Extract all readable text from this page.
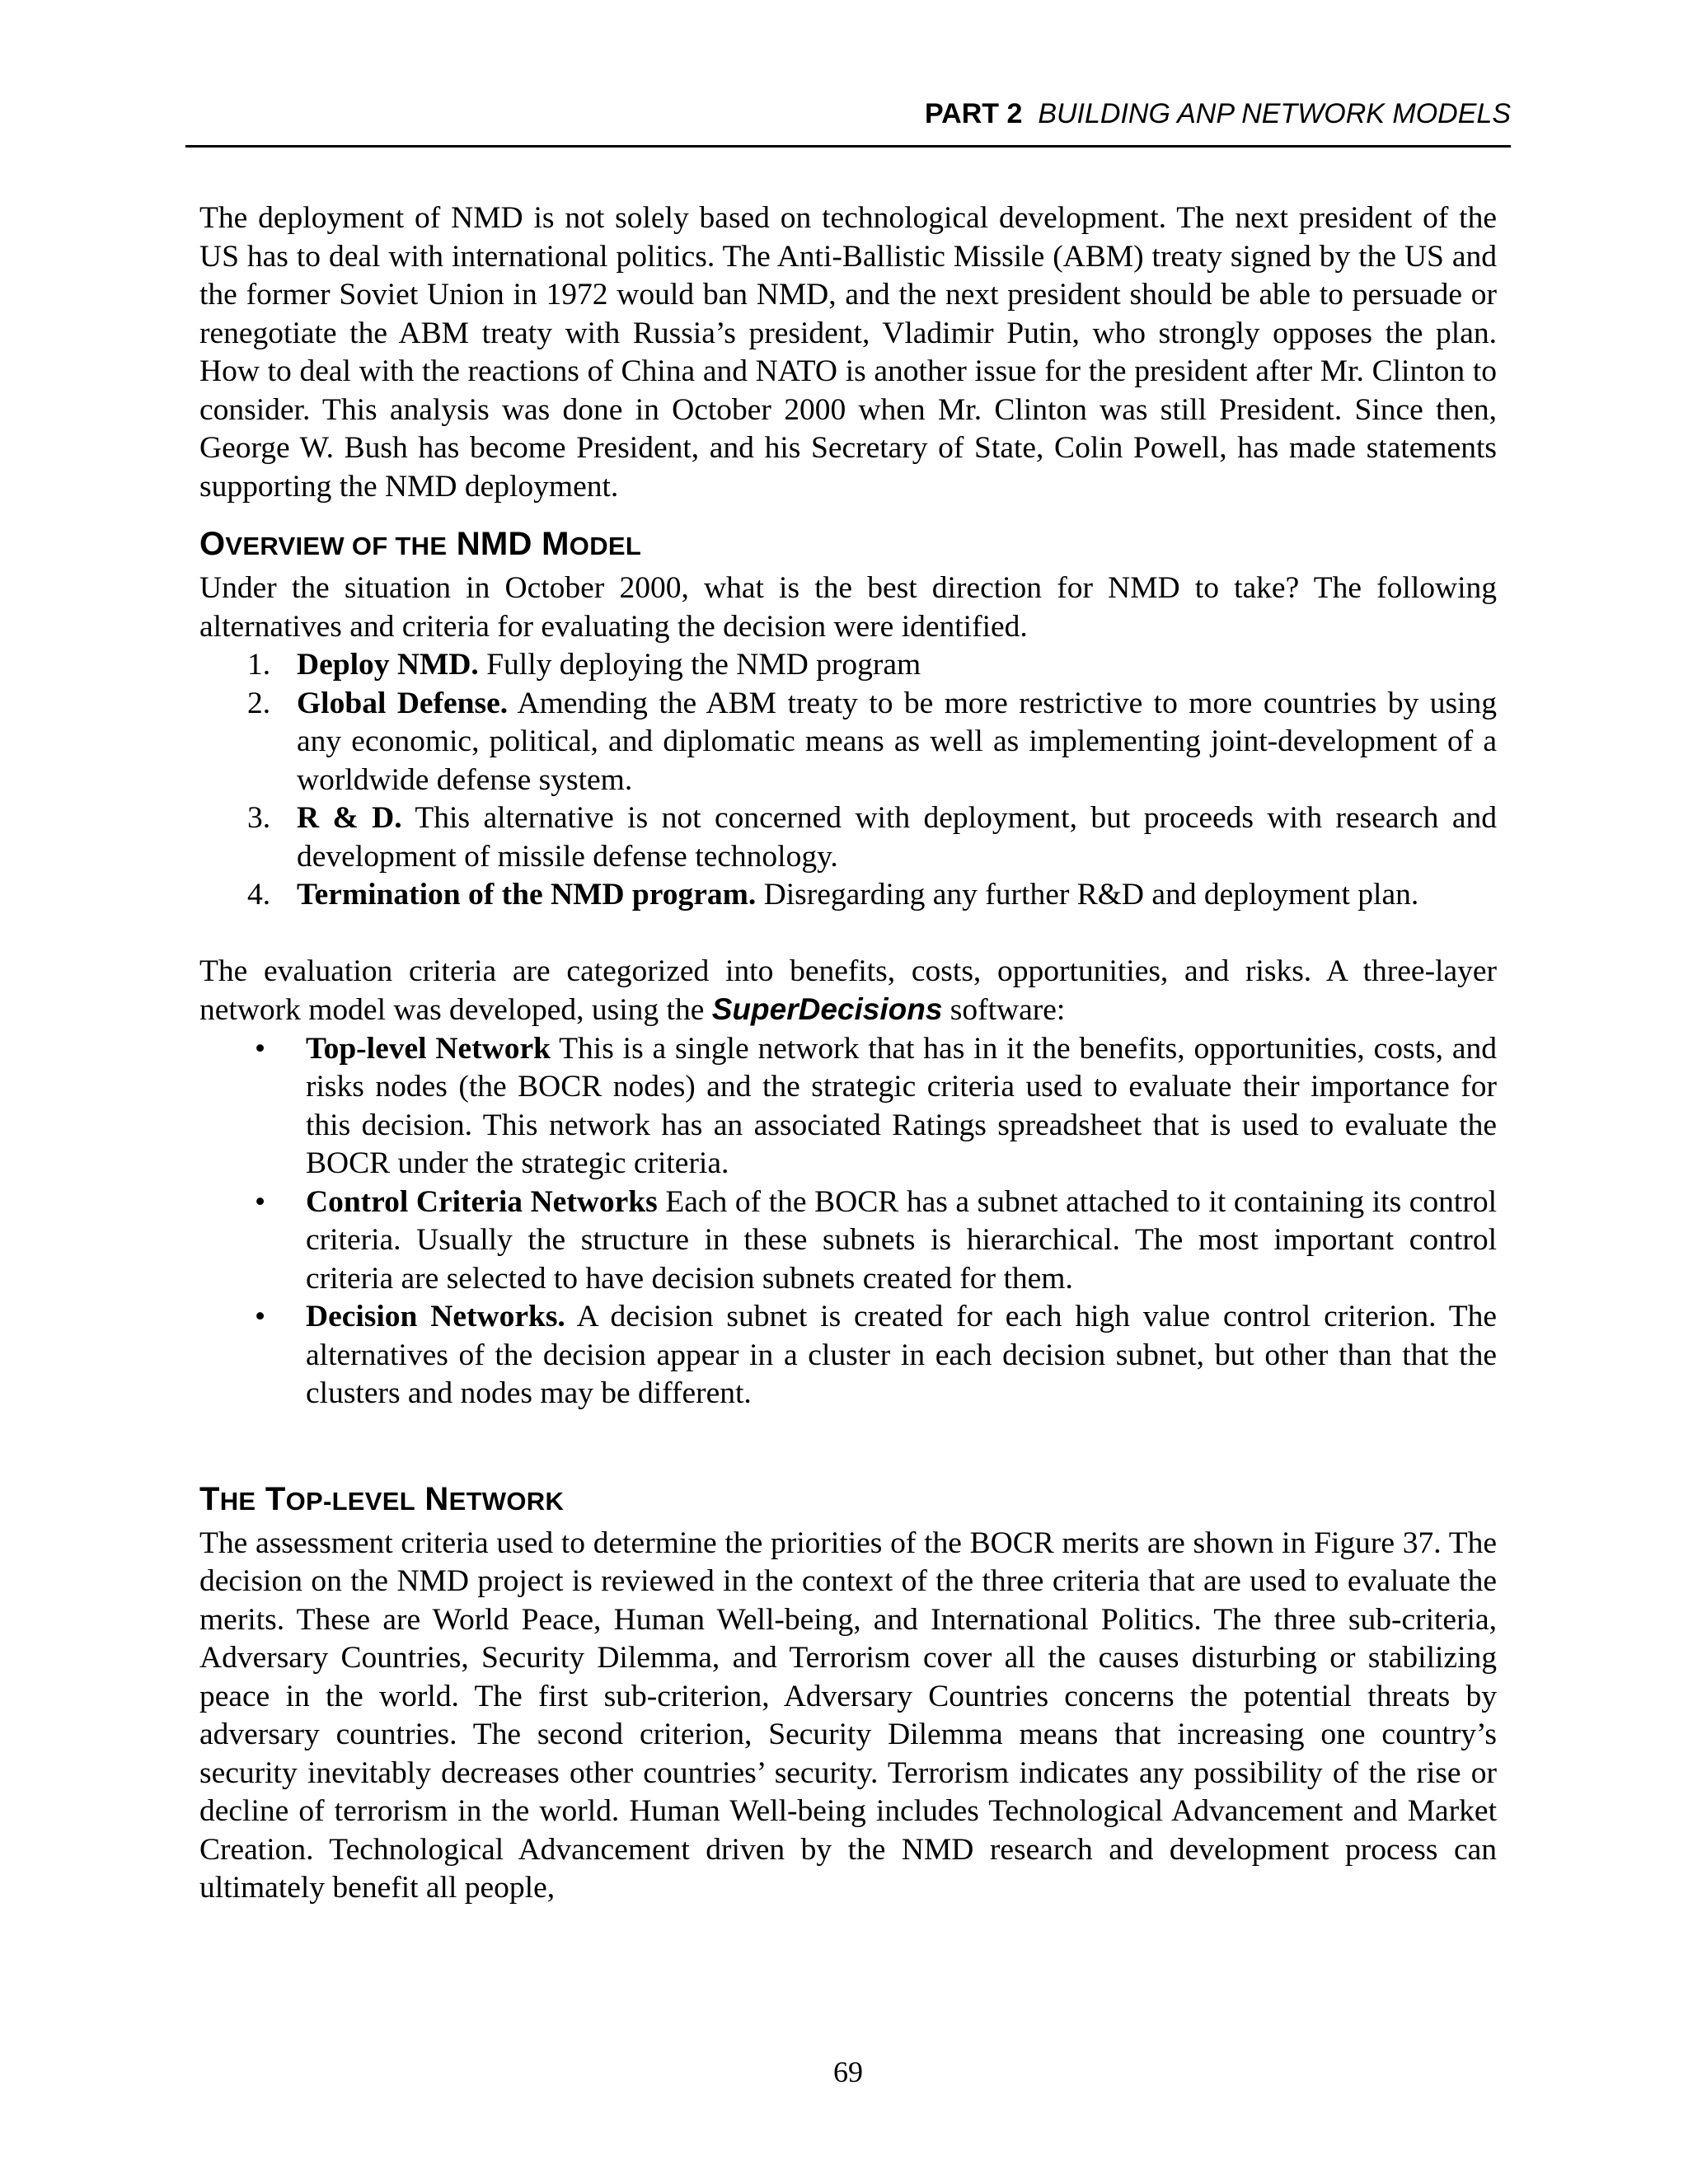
PART 2 BUILDING ANP NETWORK MODELS

The deployment of NMD is not solely based on technological development. The next president of the US has to deal with international politics. The Anti-Ballistic Missile (ABM) treaty signed by the US and the former Soviet Union in 1972 would ban NMD, and the next president should be able to persuade or renegotiate the ABM treaty with Russia’s president, Vladimir Putin, who strongly opposes the plan. How to deal with the reactions of China and NATO is another issue for the president after Mr. Clinton to consider. This analysis was done in October 2000 when Mr. Clinton was still President. Since then, George W. Bush has become President, and his Secretary of State, Colin Powell, has made statements supporting the NMD deployment.

OVERVIEW OF THE NMD MODEL

Under the situation in October 2000, what is the best direction for NMD to take? The following alternatives and criteria for evaluating the decision were identified.

1. Deploy NMD. Fully deploying the NMD program
2. Global Defense. Amending the ABM treaty to be more restrictive to more countries by using any economic, political, and diplomatic means as well as implementing joint-development of a worldwide defense system.
3. R & D. This alternative is not concerned with deployment, but proceeds with research and development of missile defense technology.
4. Termination of the NMD program. Disregarding any further R&D and deployment plan.

The evaluation criteria are categorized into benefits, costs, opportunities, and risks. A three-layer network model was developed, using the SuperDecisions software:

• Top-level Network This is a single network that has in it the benefits, opportunities, costs, and risks nodes (the BOCR nodes) and the strategic criteria used to evaluate their importance for this decision. This network has an associated Ratings spreadsheet that is used to evaluate the BOCR under the strategic criteria.
• Control Criteria Networks Each of the BOCR has a subnet attached to it containing its control criteria. Usually the structure in these subnets is hierarchical. The most important control criteria are selected to have decision subnets created for them.
• Decision Networks. A decision subnet is created for each high value control criterion. The alternatives of the decision appear in a cluster in each decision subnet, but other than that the clusters and nodes may be different.
THE TOP-LEVEL NETWORK

The assessment criteria used to determine the priorities of the BOCR merits are shown in Figure 37. The decision on the NMD project is reviewed in the context of the three criteria that are used to evaluate the merits. These are World Peace, Human Well-being, and International Politics. The three sub-criteria, Adversary Countries, Security Dilemma, and Terrorism cover all the causes disturbing or stabilizing peace in the world. The first sub-criterion, Adversary Countries concerns the potential threats by adversary countries. The second criterion, Security Dilemma means that increasing one country’s security inevitably decreases other countries’ security. Terrorism indicates any possibility of the rise or decline of terrorism in the world. Human Well-being includes Technological Advancement and Market Creation. Technological Advancement driven by the NMD research and development process can ultimately benefit all people,

69
